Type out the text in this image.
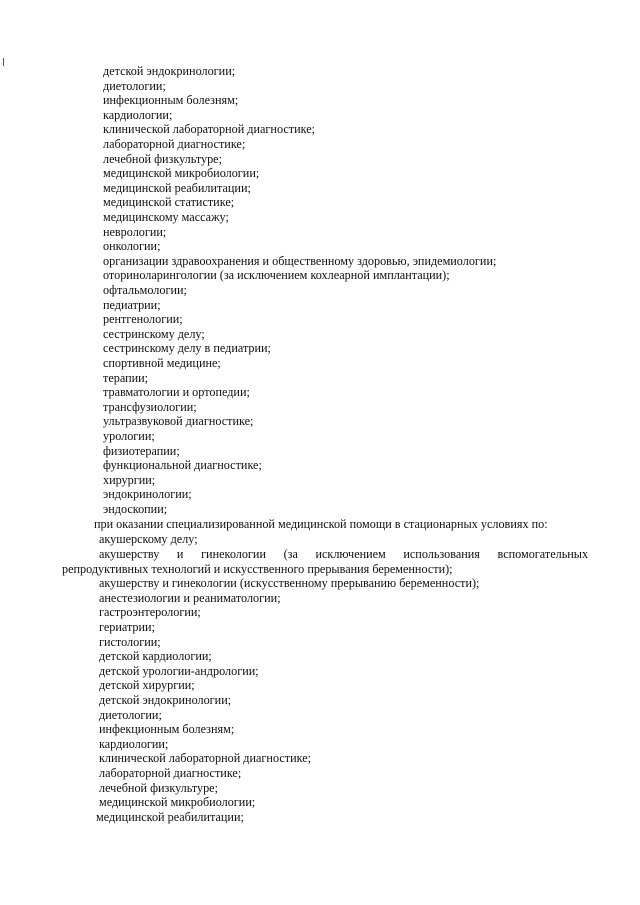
детской эндокринологии;
диетологии;
инфекционным болезням;
кардиологии;
клинической лабораторной диагностике;
лабораторной диагностике;
лечебной физкультуре;
медицинской микробиологии;
медицинской реабилитации;
медицинской статистике;
медицинскому массажу;
неврологии;
онкологии;
организации здравоохранения и общественному здоровью, эпидемиологии;
оториноларингологии (за исключением кохлеарной имплантации);
офтальмологии;
педиатрии;
рентгенологии;
сестринскому делу;
сестринскому делу в педиатрии;
спортивной медицине;
терапии;
травматологии и ортопедии;
трансфузиологии;
ультразвуковой диагностике;
урологии;
физиотерапии;
функциональной диагностике;
хирургии;
эндокринологии;
эндоскопии;
при оказании специализированной медицинской помощи в стационарных условиях по:
акушерскому делу;
акушерству и гинекологии (за исключением использования вспомогательных
репродуктивных технологий и искусственного прерывания беременности);
акушерству и гинекологии (искусственному прерыванию беременности);
анестезиологии и реаниматологии;
гастроэнтерологии;
гериатрии;
гистологии;
детской кардиологии;
детской урологии-андрологии;
детской хирургии;
детской эндокринологии;
диетологии;
инфекционным болезням;
кардиологии;
клинической лабораторной диагностике;
лабораторной диагностике;
лечебной физкультуре;
медицинской микробиологии;
медицинской реабилитации;
